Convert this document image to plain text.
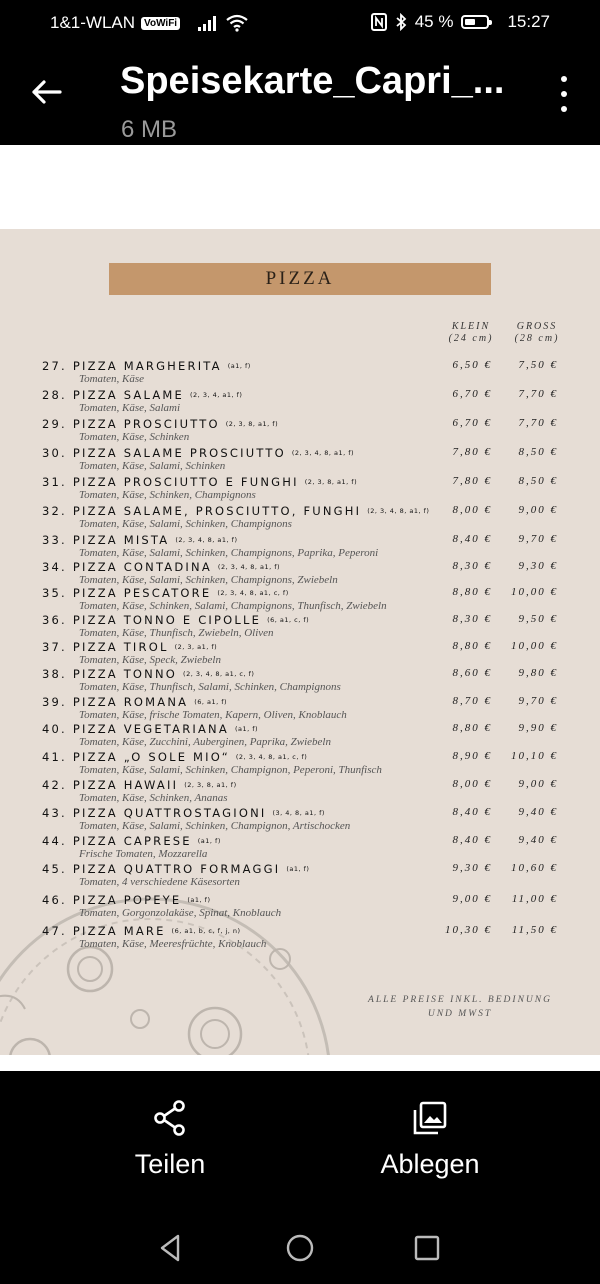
1&1-WLAN VoWiFi	45 %	15:27
Speisekarte_Capri_...
6 MB
PIZZA
KLEIN
(24 cm)
GROSS
(28 cm)
27. PIZZA MARGHERITA (a1, f)
Tomaten, Käse
6,50 €	7,50 €
28. PIZZA SALAME (2, 3, 4, a1, f)
Tomaten, Käse, Salami
6,70 €	7,70 €
29. PIZZA PROSCIUTTO (2, 3, 8, a1, f)
Tomaten, Käse, Schinken
6,70 €	7,70 €
30. PIZZA SALAME PROSCIUTTO (2, 3, 4, 8, a1, f)
Tomaten, Käse, Salami, Schinken
7,80 €	8,50 €
31. PIZZA PROSCIUTTO E FUNGHI (2, 3, 8, a1, f)
Tomaten, Käse, Schinken, Champignons
7,80 €	8,50 €
32. PIZZA SALAME, PROSCIUTTO, FUNGHI (2, 3, 4, 8, a1, f)
Tomaten, Käse, Salami, Schinken, Champignons
8,00 €	9,00 €
33. PIZZA MISTA (2, 3, 4, 8, a1, f)
Tomaten, Käse, Salami, Schinken, Champignons, Paprika, Peperoni
8,40 €	9,70 €
34. PIZZA CONTADINA (2, 3, 4, 8, a1, f)
Tomaten, Käse, Salami, Schinken, Champignons, Zwiebeln
8,30 €	9,30 €
35. PIZZA PESCATORE (2, 3, 4, 8, a1, c, f)
Tomaten, Käse, Schinken, Salami, Champignons, Thunfisch, Zwiebeln
8,80 €	10,00 €
36. PIZZA TONNO E CIPOLLE (6, a1, c, f)
Tomaten, Käse, Thunfisch, Zwiebeln, Oliven
8,30 €	9,50 €
37. PIZZA TIROL (2, 3, a1, f)
Tomaten, Käse, Speck, Zwiebeln
8,80 €	10,00 €
38. PIZZA TONNO (2, 3, 4, 8, a1, c, f)
Tomaten, Käse, Thunfisch, Salami, Schinken, Champignons
8,60 €	9,80 €
39. PIZZA ROMANA (6, a1, f)
Tomaten, Käse, frische Tomaten, Kapern, Oliven, Knoblauch
8,70 €	9,70 €
40. PIZZA VEGETARIANA (a1, f)
Tomaten, Käse, Zucchini, Auberginen, Paprika, Zwiebeln
8,80 €	9,90 €
41. PIZZA „O SOLE MIO“ (2, 3, 4, 8, a1, c, f)
Tomaten, Käse, Salami, Schinken, Champignon, Peperoni, Thunfisch
8,90 €	10,10 €
42. PIZZA HAWAII (2, 3, 8, a1, f)
Tomaten, Käse, Schinken, Ananas
8,00 €	9,00 €
43. PIZZA QUATTROSTAGIONI (3, 4, 8, a1, f)
Tomaten, Käse, Salami, Schinken, Champignon, Artischocken
8,40 €	9,40 €
44. PIZZA CAPRESE (a1, f)
Frische Tomaten, Mozzarella
8,40 €	9,40 €
45. PIZZA QUATTRO FORMAGGI (a1, f)
Tomaten, 4 verschiedene Käsesorten
9,30 €	10,60 €
46. PIZZA POPEYE (a1, f)
Tomaten, Gorgonzolakäse, Spinat, Knoblauch
9,00 €	11,00 €
47. PIZZA MARE (6, a1, b, c, f, j, n)
Tomaten, Käse, Meeresfrüchte, Knoblauch
10,30 €	11,50 €
ALLE PREISE INKL. BEDINUNG
UND MWST
Teilen	Ablegen
